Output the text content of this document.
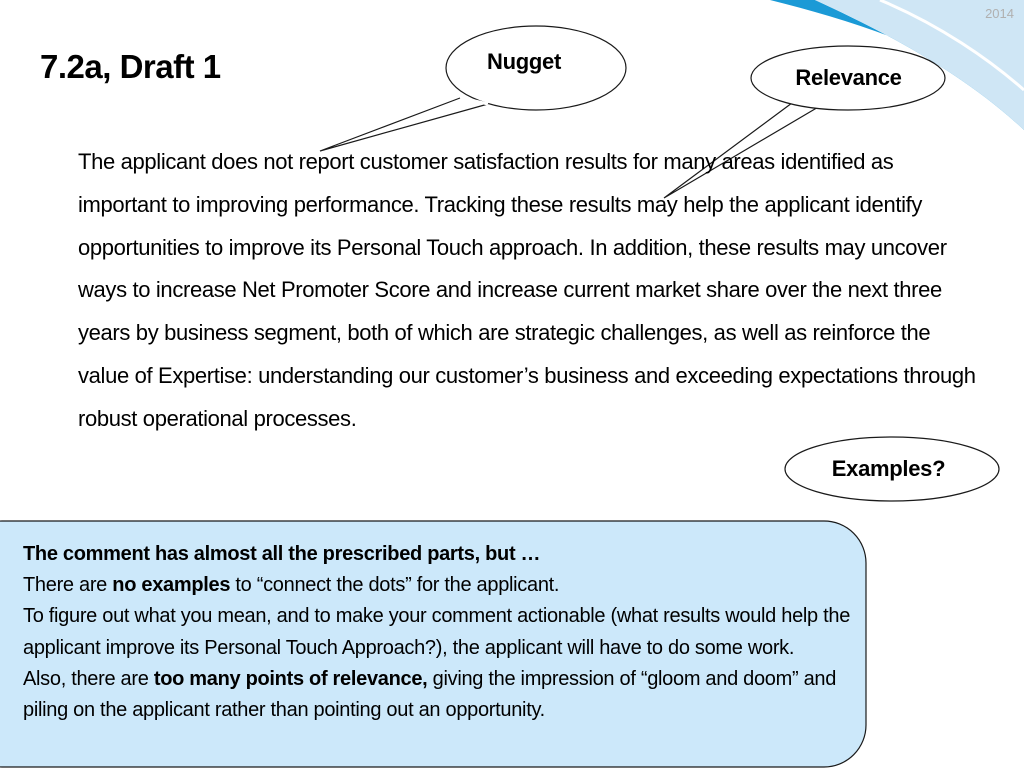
2014
7.2a, Draft 1

The applicant does not report customer satisfaction results for many areas identified as important to improving performance. Tracking these results may help the applicant identify opportunities to improve its Personal Touch approach. In addition, these results may uncover ways to increase Net Promoter Score and increase current market share over the next three years by business segment, both of which are strategic challenges, as well as reinforce the value of Expertise: understanding our customer’s business and exceeding expectations through robust operational processes.

Nugget
Relevance
Examples?
The comment has almost all the prescribed parts, but …
There are no examples to “connect the dots” for the applicant.
To figure out what you mean, and to make your comment actionable (what results would help the applicant improve its Personal Touch Approach?), the applicant will have to do some work.
Also, there are too many points of relevance, giving the impression of “gloom and doom” and piling on the applicant rather than pointing out an opportunity.
